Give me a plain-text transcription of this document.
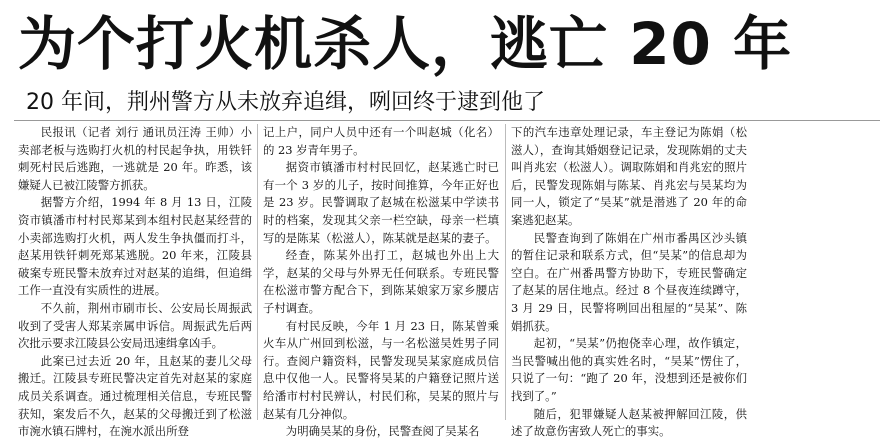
为个打火机杀人，逃亡 20 年
20 年间，荆州警方从未放弃追缉，咧回终于逮到他了

民报讯（记者 刘行 通讯员汪涛 王帅）小卖部老板与选购打火机的村民起争执，用铁钎刺死村民后逃跑，一逃就是 20 年。昨悉，该嫌疑人已被江陵警方抓获。

据警方介绍，1994 年 8 月 13 日，江陵资市镇潘市村村民郑某到本组村民赵某经营的小卖部选购打火机，两人发生争执僵而打斗，赵某用铁钎刺死郑某逃脱。20 年来，江陵县破案专班民警未放弃过对赵某的追缉，但追缉工作一直没有实质性的进展。

不久前，荆州市刷市长、公安局长周振武收到了受害人郑某亲属申诉信。周振武先后两次批示要求江陵县公安局迅速缉拿凶手。

此案已过去近 20 年，且赵某的妻儿父母搬迁。江陵县专班民警决定首先对赵某的家庭成员关系调查。通过梳理相关信息，专班民警获知，案发后不久，赵某的父母搬迁到了松滋市涴水镇石牌村，在涴水派出所登

记上户，同户人员中还有一个叫赵城（化名）的 23 岁青年男子。

据资市镇潘市村村民回忆，赵某逃亡时已有一个 3 岁的儿子，按时间推算，今年正好也是 23 岁。民警调取了赵城在松滋某中学读书时的档案，发现其父亲一栏空缺，母亲一栏填写的是陈某（松滋人），陈某就是赵某的妻子。

经查，陈某外出打工，赵城也外出上大学，赵某的父母与外界无任何联系。专班民警在松滋市警方配合下，到陈某娘家万家乡腰店子村调查。

有村民反映，今年 1 月 23 日，陈某曾乘火车从广州回到松滋，与一名松滋吴姓男子同行。查阅户籍资料，民警发现吴某家庭成员信息中仅他一人。民警将吴某的户籍登记照片送给潘市村村民辨认，村民们称，吴某的照片与赵某有几分神似。

为明确吴某的身份，民警查阅了吴某名

下的汽车违章处理记录，车主登记为陈娟（松滋人），查询其婚姻登记记录，发现陈娟的丈夫叫肖兆宏（松滋人）。调取陈娟和肖兆宏的照片后，民警发现陈娟与陈某、肖兆宏与吴某均为同一人，锁定了“吴某”就是潜逃了 20 年的命案逃犯赵某。

民警查询到了陈娟在广州市番禺区沙头镇的暂住记录和联系方式，但“吴某”的信息却为空白。在广州番禺警方协助下，专班民警确定了赵某的居住地点。经过 8 个昼夜连续蹲守，3 月 29 日，民警将咧回出租屋的“吴某”、陈娟抓获。

起初，“吴某”仍抱侥幸心理，故作镇定，当民警喊出他的真实姓名时，“吴某”愣住了，只说了一句：“跑了 20 年，没想到还是被你们找到了。”

随后，犯罪嫌疑人赵某被押解回江陵，供述了故意伤害致人死亡的事实。
